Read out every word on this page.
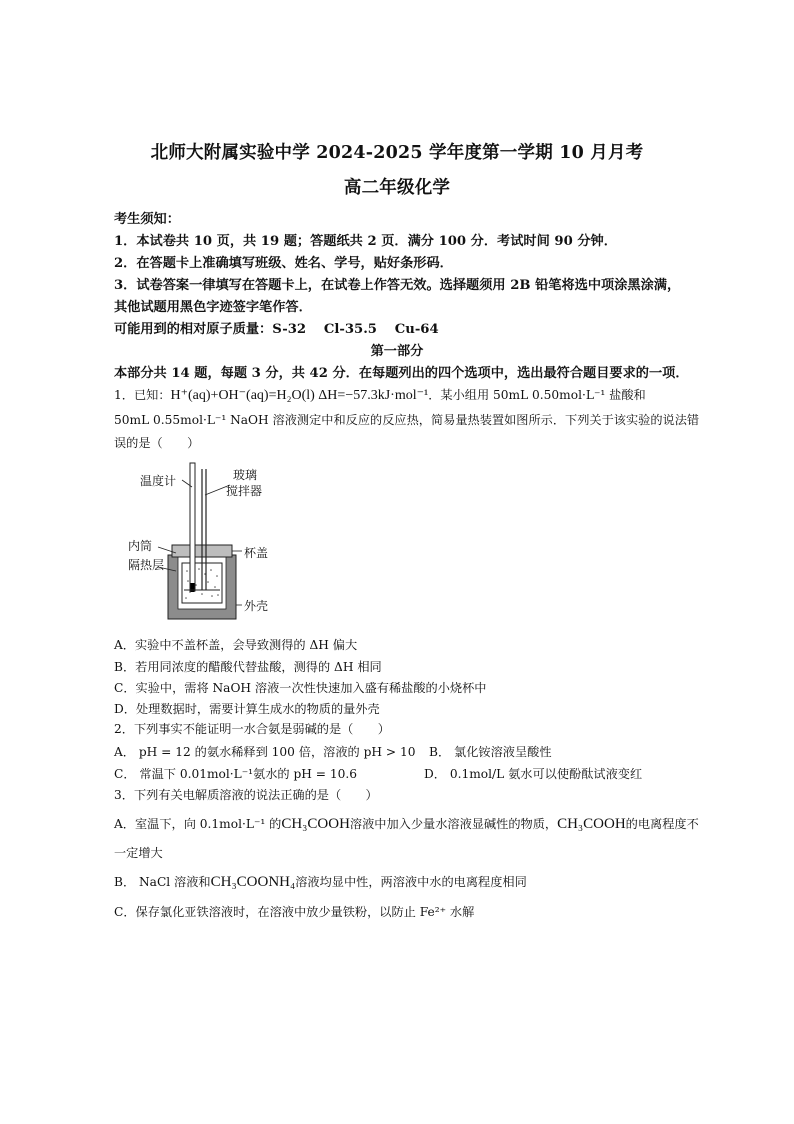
北师大附属实验中学 2024-2025 学年度第一学期 10 月月考
高二年级化学
考生须知：
1．本试卷共 10 页，共 19 题；答题纸共 2 页．满分 100 分．考试时间 90 分钟．
2．在答题卡上准确填写班级、姓名、学号，贴好条形码．
3．试卷答案一律填写在答题卡上，在试卷上作答无效。选择题须用 2B 铅笔将选中项涂黑涂满，
其他试题用黑色字迹签字笔作答．
可能用到的相对原子质量：S-32　 Cl-35.5　 Cu-64
第一部分
本部分共 14 题，每题 3 分，共 42 分．在每题列出的四个选项中，选出最符合题目要求的一项．
1．已知：H⁺(aq)+OH⁻(aq)=H₂O(l) ΔH=−57.3kJ·mol⁻¹．某小组用 50mL 0.50mol·L⁻¹ 盐酸和
50mL 0.55mol·L⁻¹ NaOH 溶液测定中和反应的反应热，简易量热装置如图所示．下列关于该实验的说法错
误的是（　　）
温度计	玻璃
搅拌器
内筒
隔热层
杯盖
外壳
A．实验中不盖杯盖，会导致测得的 ΔH 偏大
B．若用同浓度的醋酸代替盐酸，测得的 ΔH 相同
C．实验中，需将 NaOH 溶液一次性快速加入盛有稀盐酸的小烧杯中
D．处理数据时，需要计算生成水的物质的量外壳
2．下列事实不能证明一水合氨是弱碱的是（　　）
A． pH = 12 的氨水稀释到 100 倍，溶液的 pH > 10 B． 氯化铵溶液呈酸性
C． 常温下 0.01mol·L⁻¹氨水的 pH = 10.6	D． 0.1mol/L 氨水可以使酚酞试液变红
3．下列有关电解质溶液的说法正确的是（　　）
A．室温下，向 0.1mol·L⁻¹ 的CH₃COOH溶液中加入少量水溶液显碱性的物质，CH₃COOH的电离程度不
一定增大
B． NaCl 溶液和CH₃COONH₄溶液均显中性，两溶液中水的电离程度相同
C．保存氯化亚铁溶液时，在溶液中放少量铁粉，以防止 Fe²⁺ 水解
